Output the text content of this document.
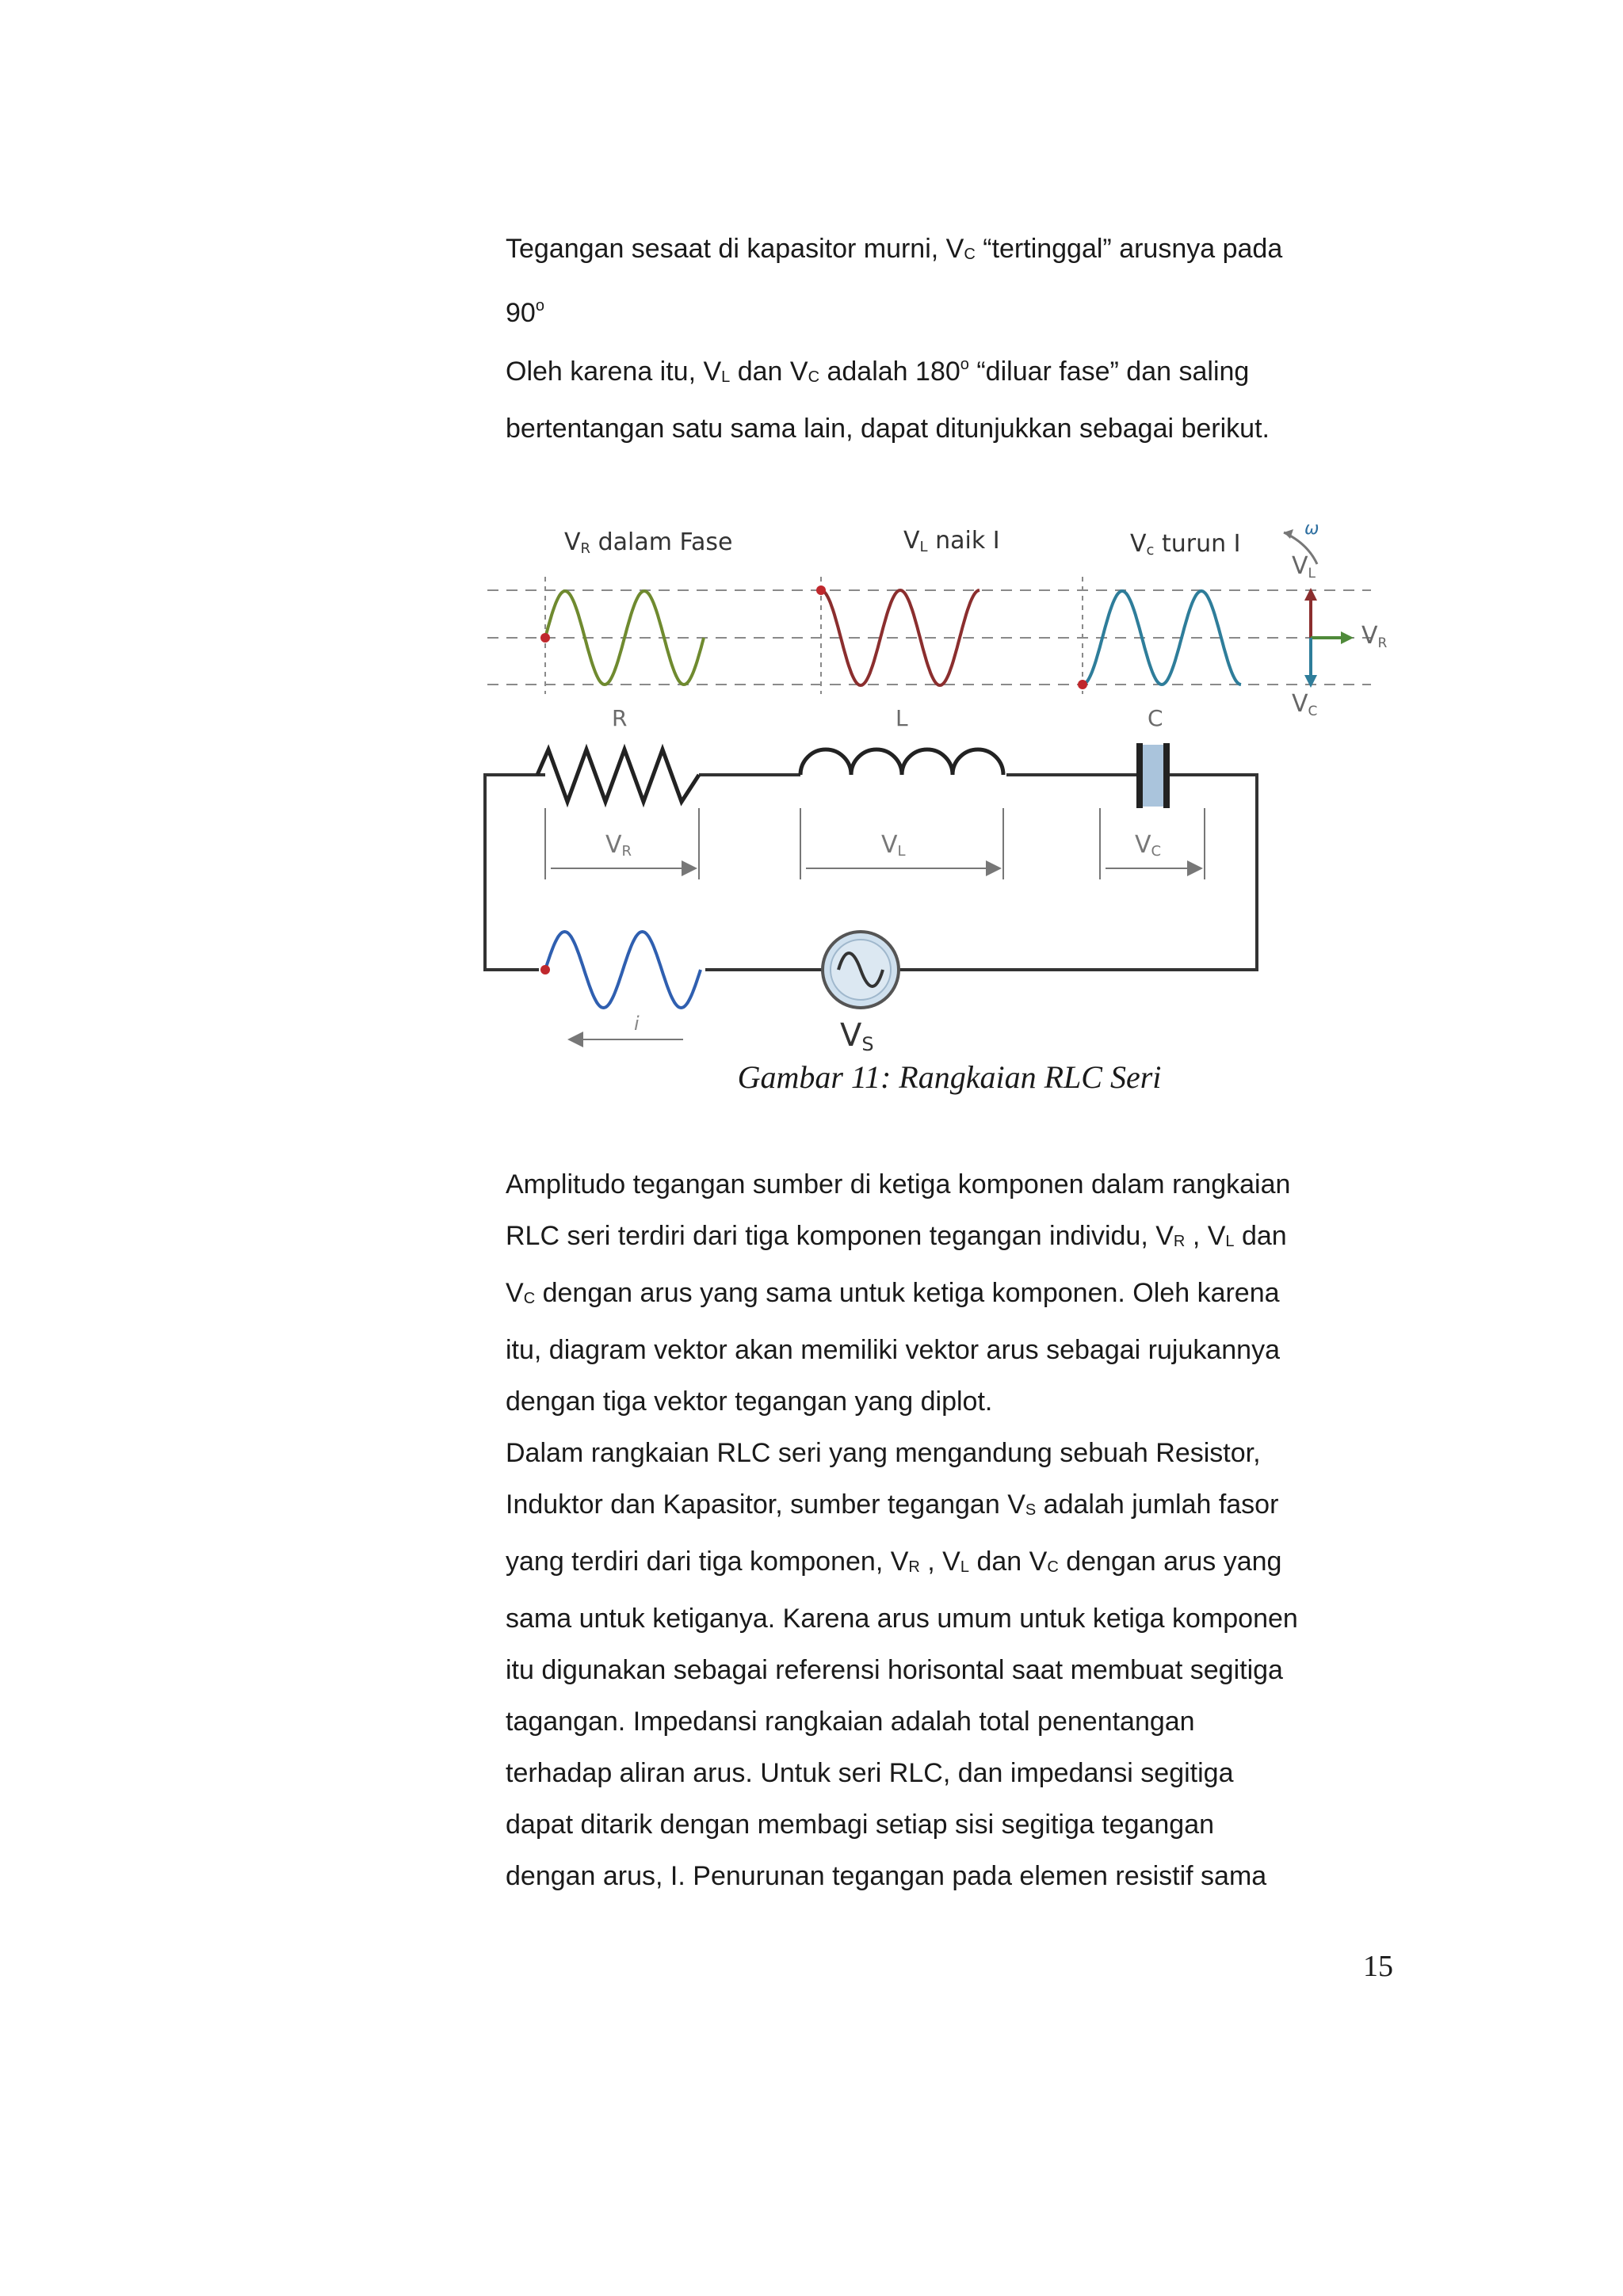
Tegangan sesaat di kapasitor murni, VC “tertinggal” arusnya pada

90$^o$

Oleh karena itu, VL dan VC adalah 180$^o$ “diluar fase” dan saling

bertentangan satu sama lain, dapat ditunjukkan sebagai berikut.

VR dalam Fase	VL naik I	Vc turun I
ω
VL
VR
VC
R	L	C
VR	VL	VC
i	VS
Gambar 11: Rangkaian RLC Seri

Amplitudo tegangan sumber di ketiga komponen dalam rangkaian

RLC seri terdiri dari tiga komponen tegangan individu, VR , VL dan

VC dengan arus yang sama untuk ketiga komponen. Oleh karena

itu, diagram vektor akan memiliki vektor arus sebagai rujukannya

dengan tiga vektor tegangan yang diplot.

Dalam rangkaian RLC seri yang mengandung sebuah Resistor,

Induktor dan Kapasitor, sumber tegangan VS adalah jumlah fasor

yang terdiri dari tiga komponen, VR , VL dan VC dengan arus yang

sama untuk ketiganya. Karena arus umum untuk ketiga komponen

itu digunakan sebagai referensi horisontal saat membuat segitiga

tagangan. Impedansi rangkaian adalah total penentangan

terhadap aliran arus. Untuk seri RLC, dan impedansi segitiga

dapat ditarik dengan membagi setiap sisi segitiga tegangan

dengan arus, I. Penurunan tegangan pada elemen resistif sama

15
